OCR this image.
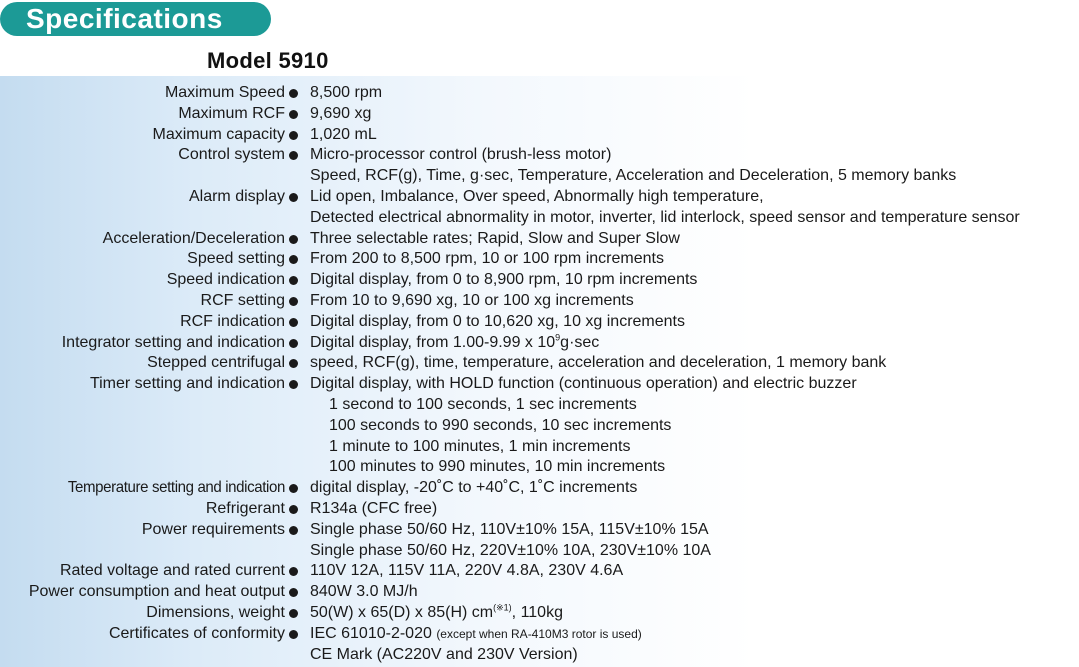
Specifications
Model 5910
Maximum Speed 8,500 rpm
Maximum RCF 9,690 xg
Maximum capacity 1,020 mL
Control system Micro-processor control (brush-less motor)
Speed, RCF(g), Time, g·sec, Temperature, Acceleration and Deceleration, 5 memory banks
Alarm display Lid open, Imbalance, Over speed, Abnormally high temperature,
Detected electrical abnormality in motor, inverter, lid interlock, speed sensor and temperature sensor
Acceleration/Deceleration Three selectable rates; Rapid, Slow and Super Slow
Speed setting From 200 to 8,500 rpm, 10 or 100 rpm increments
Speed indication Digital display, from 0 to 8,900 rpm, 10 rpm increments
RCF setting From 10 to 9,690 xg, 10 or 100 xg increments
RCF indication Digital display, from 0 to 10,620 xg, 10 xg increments
Integrator setting and indication Digital display, from 1.00-9.99 x $10^9g\cdot\sec$
Stepped centrifugal speed, RCF(g), time, temperature, acceleration and deceleration, 1 memory bank
Timer setting and indication Digital display, with HOLD function (continuous operation) and electric buzzer
1 second to 100 seconds, 1 sec increments
100 seconds to 990 seconds, 10 sec increments
1 minute to 100 minutes, 1 min increments
100 minutes to 990 minutes, 10 min increments
Temperature setting and indication digital display, -20˚C to +40˚C, 1˚C increments
Refrigerant R134a (CFC free)
Power requirements Single phase 50/60 Hz, 110V±10% 15A, 115V±10% 15A
Single phase 50/60 Hz, 220V±10% 10A, 230V±10% 10A
Rated voltage and rated current 110V 12A, 115V 11A, 220V 4.8A, 230V 4.6A
Power consumption and heat output 840W 3.0 MJ/h
Dimensions, weight 50(W) x 65(D) x 85(H) $cm^{(※1)}$, 110kg
Certificates of conformity IEC 61010-2-020 (except when RA-410M3 rotor is used)
CE Mark (AC220V and 230V Version)
